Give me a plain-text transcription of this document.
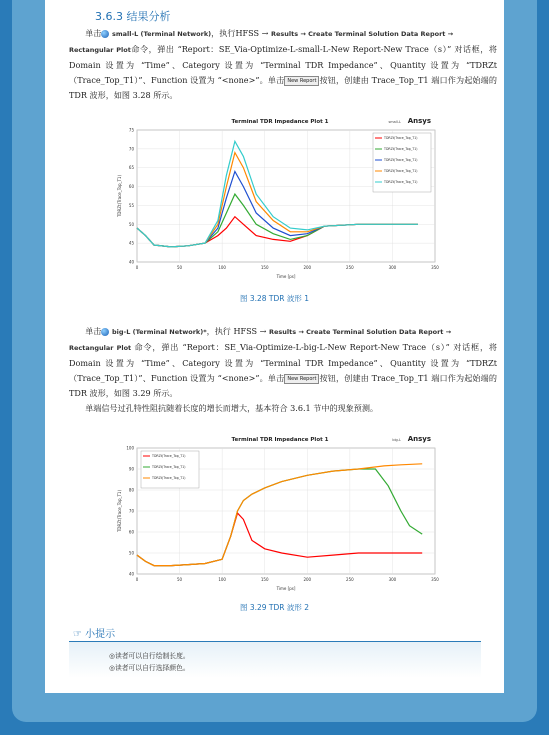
3.6.3 结果分析

单击 small-L (Terminal Network)，执行HFSS → Results → Create Terminal Solution Data Report →

Rectangular Plot命令，弹出 “Report：SE_Via-Optimize-L-small-L-New Report-New Trace（s）” 对话框，将 Domain 设置为 “Time”、Category 设置为 “Terminal TDR Impedance”、Quantity 设置为 “TDRZt（Trace_Top_T1）”、Function 设置为 “<none>”。单击 New Report 按钮，创建由 Trace_Top_T1 端口作为起始端的 TDR 波形，如图 3.28 所示。
Terminal TDR Impedance Plot 1	Ansys
small-L
0	50	100	150	200	250	300	350
40
45
50
55
60
65
70
75
Time [ps]
TDRZt(Trace_Top_T1)
TDRZt(Trace_Top_T1)
TDRZt(Trace_Top_T1)
TDRZt(Trace_Top_T1)
TDRZt(Trace_Top_T1)
TDRZt(Trace_Top_T1)
图 3.28 TDR 波形 1

单击 big-L (Terminal Network)*，执行 HFSS → Results → Create Terminal Solution Data Report →

Rectangular Plot 命令，弹出 “Report：SE_Via-Optimize-L-big-L-New Report-New Trace（s）” 对话框，将 Domain 设置为 “Time”、Category 设置为 “Terminal TDR Impedance”、Quantity 设置为 “TDRZt（Trace_Top_T1）”、Function 设置为 “<none>”。单击 New Report 按钮，创建由 Trace_Top_T1 端口作为起始端的 TDR 波形，如图 3.29 所示。

单端信号过孔特性阻抗随着长度的增长而增大，基本符合 3.6.1 节中的现象预测。

Terminal TDR Impedance Plot 1	Ansys
big-L
0	50	100	150	200	250	300	350
40
50
60
70
80
90
100
Time [ps]
TDRZt(Trace_Top_T1)
TDRZt(Trace_Top_T1)
TDRZt(Trace_Top_T1)
TDRZt(Trace_Top_T1)
图 3.29 TDR 波形 2
☞ 小提示
◎读者可以自行绘制长度。
◎读者可以自行选择颜色。
